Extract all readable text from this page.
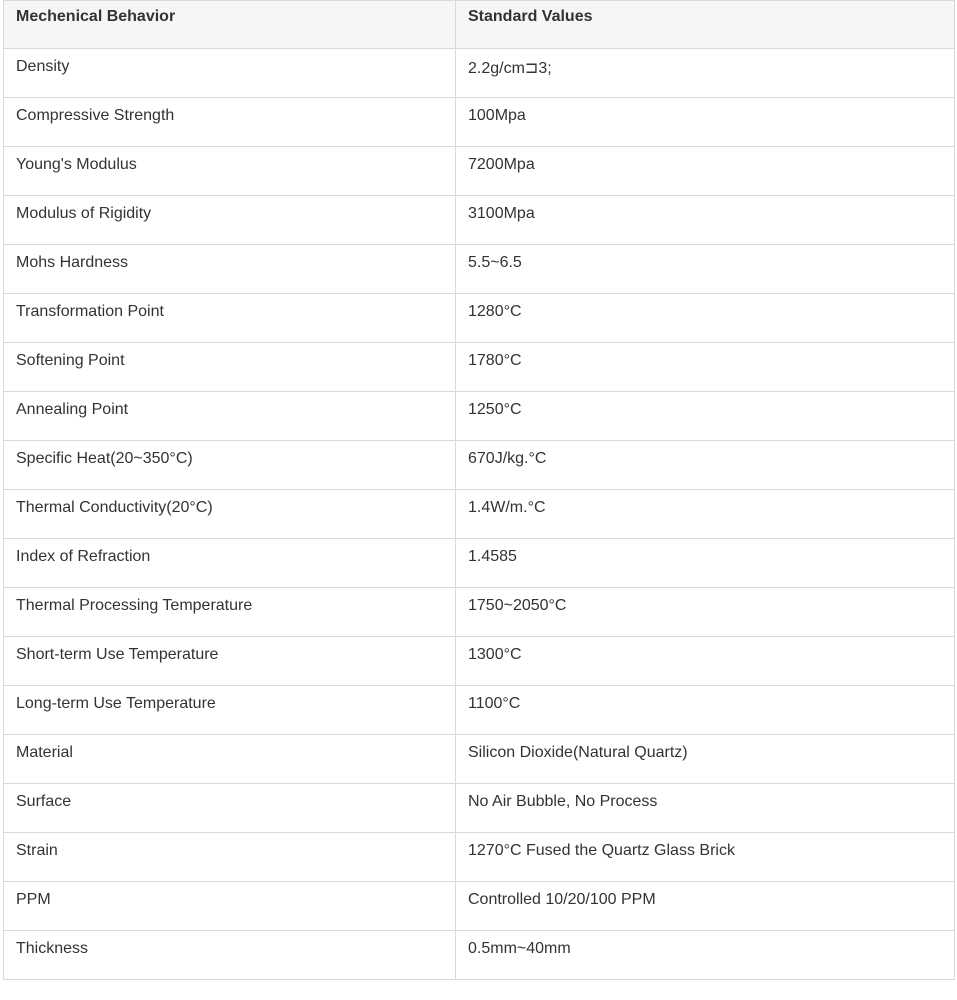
Mechenical Behavior	Standard Values
Density	2.2g/cm⊐3;
Compressive Strength	100Mpa
Young's Modulus	7200Mpa
Modulus of Rigidity	3100Mpa
Mohs Hardness	5.5~6.5
Transformation Point	1280°C
Softening Point	1780°C
Annealing Point	1250°C
Specific Heat(20~350°C)	670J/kg.°C
Thermal Conductivity(20°C)	1.4W/m.°C
Index of Refraction	1.4585
Thermal Processing Temperature	1750~2050°C
Short-term Use Temperature	1300°C
Long-term Use Temperature	1100°C
Material	Silicon Dioxide(Natural Quartz)
Surface	No Air Bubble, No Process
Strain	1270°C Fused the Quartz Glass Brick
PPM	Controlled 10/20/100 PPM
Thickness	0.5mm~40mm
